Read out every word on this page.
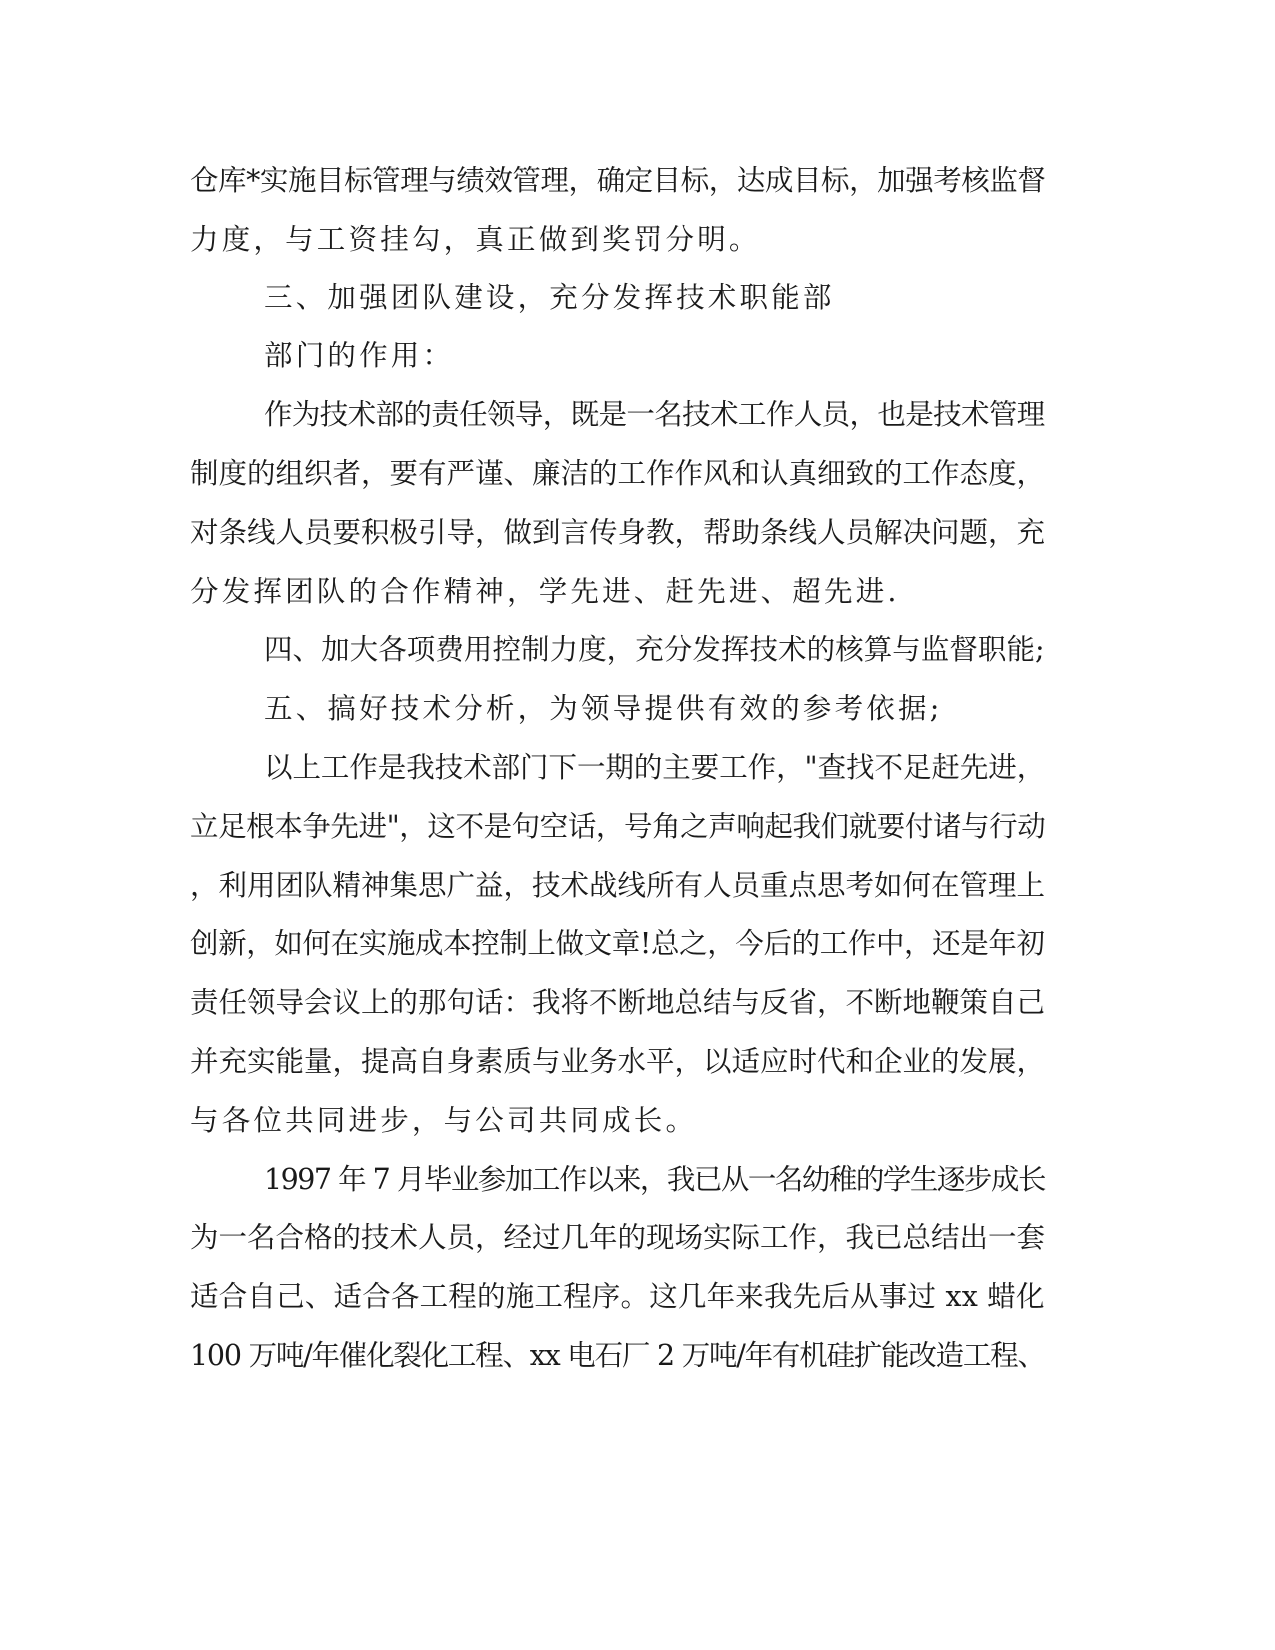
仓库*实施目标管理与绩效管理，确定目标，达成目标，加强考核监督

力度，与工资挂勾，真正做到奖罚分明。

三、加强团队建设，充分发挥技术职能部

部门的作用：

作为技术部的责任领导，既是一名技术工作人员，也是技术管理

制度的组织者，要有严谨、廉洁的工作作风和认真细致的工作态度，

对条线人员要积极引导，做到言传身教，帮助条线人员解决问题，充

分发挥团队的合作精神，学先进、赶先进、超先进.

四、加大各项费用控制力度，充分发挥技术的核算与监督职能;

五、搞好技术分析，为领导提供有效的参考依据;

以上工作是我技术部门下一期的主要工作，"查找不足赶先进，

立足根本争先进"，这不是句空话，号角之声响起我们就要付诸与行动

，利用团队精神集思广益，技术战线所有人员重点思考如何在管理上

创新，如何在实施成本控制上做文章!总之，今后的工作中，还是年初

责任领导会议上的那句话：我将不断地总结与反省，不断地鞭策自己

并充实能量，提高自身素质与业务水平，以适应时代和企业的发展，

与各位共同进步，与公司共同成长。

1997 年 7 月毕业参加工作以来，我已从一名幼稚的学生逐步成长

为一名合格的技术人员，经过几年的现场实际工作，我已总结出一套

适合自己、适合各工程的施工程序。这几年来我先后从事过 xx 蜡化

100 万吨/年催化裂化工程、xx 电石厂 2 万吨/年有机硅扩能改造工程、
